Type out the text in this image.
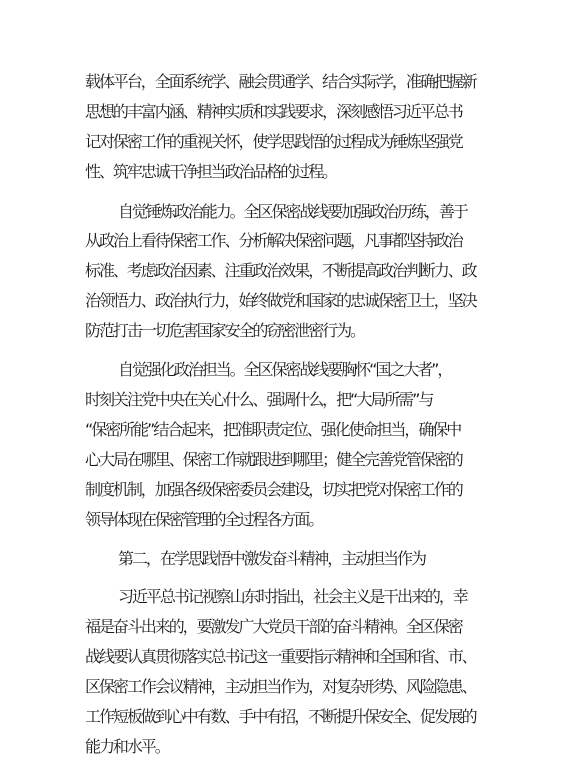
载体平台，全面系统学、融会贯通学、结合实际学，准确把握新
思想的丰富内涵、精神实质和实践要求，深刻感悟习近平总书
记对保密工作的重视关怀，使学思践悟的过程成为锤炼坚强党
性、筑牢忠诚干净担当政治品格的过程。
自觉锤炼政治能力。全区保密战线要加强政治历练，善于
从政治上看待保密工作、分析解决保密问题，凡事都坚持政治
标准、考虑政治因素、注重政治效果，不断提高政治判断力、政
治领悟力、政治执行力，始终做党和国家的忠诚保密卫士，坚决
防范打击一切危害国家安全的窃密泄密行为。
自觉强化政治担当。全区保密战线要胸怀“国之大者”，
时刻关注党中央在关心什么、强调什么，把“大局所需”与
“保密所能”结合起来，把准职责定位、强化使命担当，确保中
心大局在哪里、保密工作就跟进到哪里；健全完善党管保密的
制度机制，加强各级保密委员会建设，切实把党对保密工作的
领导体现在保密管理的全过程各方面。
第二，在学思践悟中激发奋斗精神，主动担当作为
习近平总书记视察山东时指出，社会主义是干出来的，幸
福是奋斗出来的，要激发广大党员干部的奋斗精神。全区保密
战线要认真贯彻落实总书记这一重要指示精神和全国和省、市、
区保密工作会议精神，主动担当作为，对复杂形势、风险隐患、
工作短板做到心中有数、手中有招，不断提升保安全、促发展的
能力和水平。
